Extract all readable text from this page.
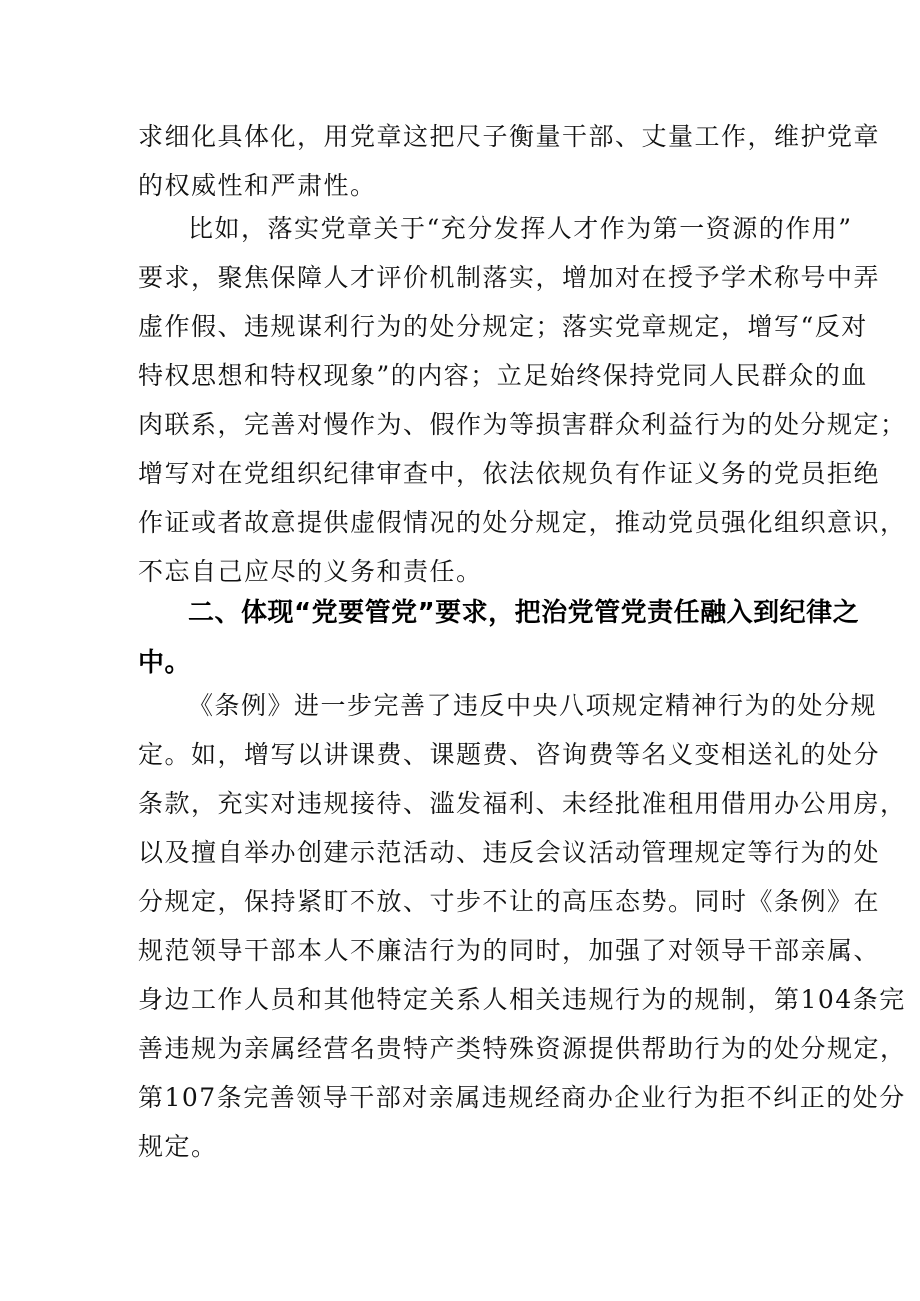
求细化具体化，用党章这把尺子衡量干部、丈量工作，维护党章
的权威性和严肃性。
比如，落实党章关于“充分发挥人才作为第一资源的作用”
要求，聚焦保障人才评价机制落实，增加对在授予学术称号中弄
虚作假、违规谋利行为的处分规定；落实党章规定，增写“反对
特权思想和特权现象”的内容；立足始终保持党同人民群众的血
肉联系，完善对慢作为、假作为等损害群众利益行为的处分规定；
增写对在党组织纪律审查中，依法依规负有作证义务的党员拒绝
作证或者故意提供虚假情况的处分规定，推动党员强化组织意识，
不忘自己应尽的义务和责任。
二、体现“党要管党”要求，把治党管党责任融入到纪律之
中。
《条例》进一步完善了违反中央八项规定精神行为的处分规
定。如，增写以讲课费、课题费、咨询费等名义变相送礼的处分
条款，充实对违规接待、滥发福利、未经批准租用借用办公用房，
以及擅自举办创建示范活动、违反会议活动管理规定等行为的处
分规定，保持紧盯不放、寸步不让的高压态势。同时《条例》在
规范领导干部本人不廉洁行为的同时，加强了对领导干部亲属、
身边工作人员和其他特定关系人相关违规行为的规制，第104条完
善违规为亲属经营名贵特产类特殊资源提供帮助行为的处分规定，
第107条完善领导干部对亲属违规经商办企业行为拒不纠正的处分
规定。
